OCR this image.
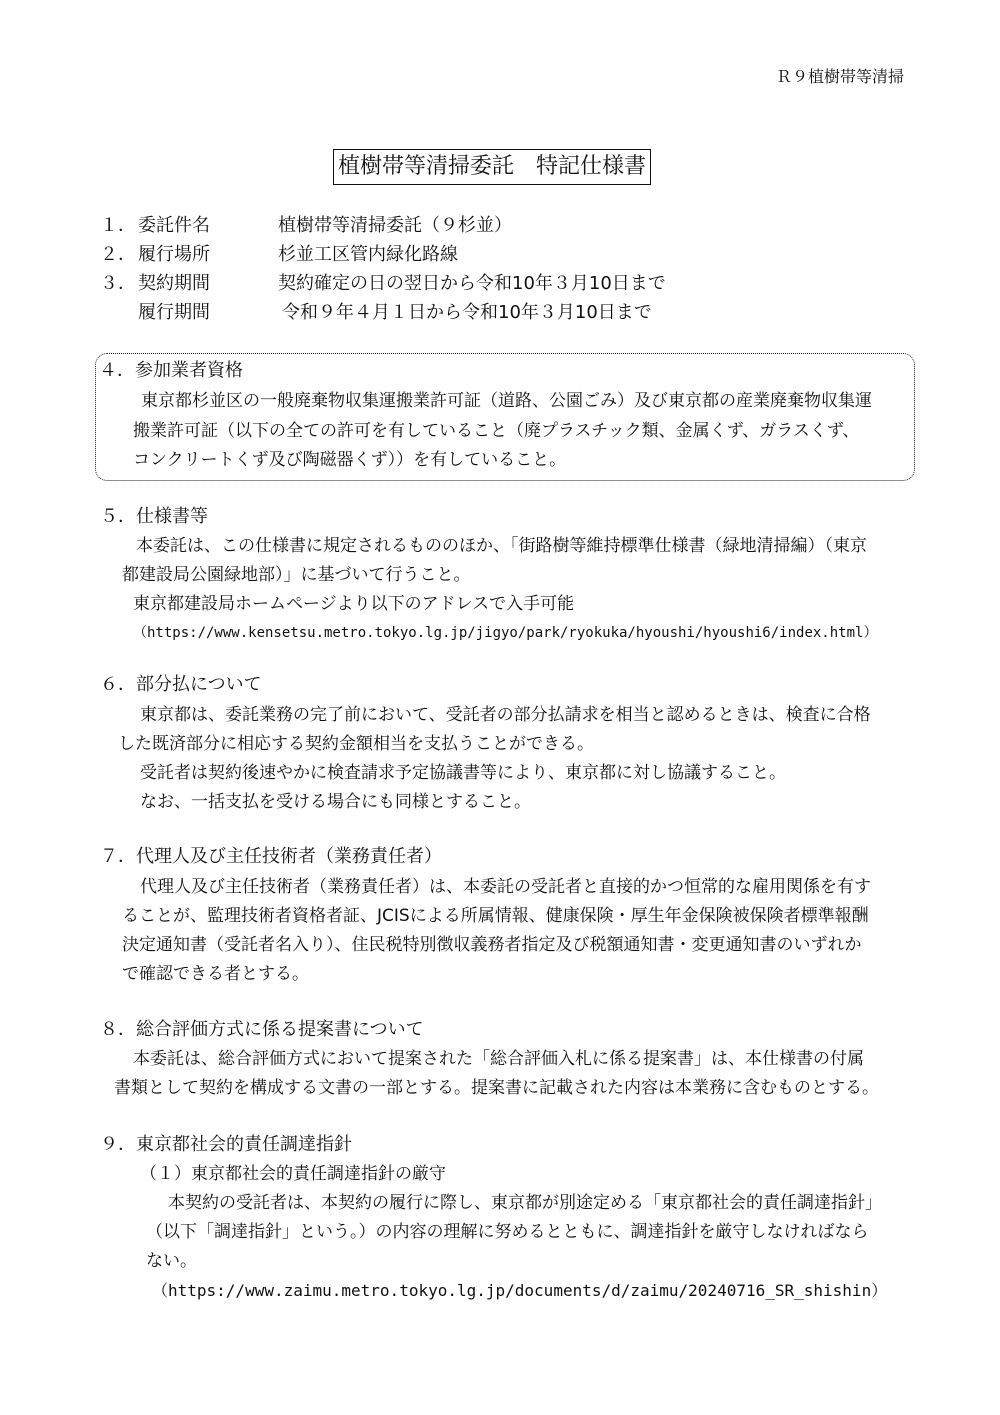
Ｒ９植樹帯等清掃
植樹帯等清掃委託　特記仕様書
１． 委託件名	植樹帯等清掃委託（９杉並）
２． 履行場所	杉並工区管内緑化路線
３． 契約期間	契約確定の日の翌日から令和10年３月10日まで
履行期間	令和９年４月１日から令和10年３月10日まで
４．参加業者資格
東京都杉並区の一般廃棄物収集運搬業許可証（道路、公園ごみ）及び東京都の産業廃棄物収集運
搬業許可証（以下の全ての許可を有していること（廃プラスチック類、金属くず、ガラスくず、
コンクリートくず及び陶磁器くず））を有していること。
５．仕様書等
本委託は、この仕様書に規定されるもののほか、「街路樹等維持標準仕様書（緑地清掃編）（東京
都建設局公園緑地部）」に基づいて行うこと。
東京都建設局ホームページより以下のアドレスで入手可能
（https://www.kensetsu.metro.tokyo.lg.jp/jigyo/park/ryokuka/hyoushi/hyoushi6/index.html）
６．部分払について
東京都は、委託業務の完了前において、受託者の部分払請求を相当と認めるときは、検査に合格
した既済部分に相応する契約金額相当を支払うことができる。
受託者は契約後速やかに検査請求予定協議書等により、東京都に対し協議すること。
なお、一括支払を受ける場合にも同様とすること。
７．代理人及び主任技術者（業務責任者）
代理人及び主任技術者（業務責任者）は、本委託の受託者と直接的かつ恒常的な雇用関係を有す
ることが、監理技術者資格者証、JCISによる所属情報、健康保険・厚生年金保険被保険者標準報酬
決定通知書（受託者名入り）、住民税特別徴収義務者指定及び税額通知書・変更通知書のいずれか
で確認できる者とする。
８．総合評価方式に係る提案書について
本委託は、総合評価方式において提案された「総合評価入札に係る提案書」は、本仕様書の付属
書類として契約を構成する文書の一部とする。提案書に記載された内容は本業務に含むものとする。
９．東京都社会的責任調達指針
（１）東京都社会的責任調達指針の厳守
本契約の受託者は、本契約の履行に際し、東京都が別途定める「東京都社会的責任調達指針」
（以下「調達指針」という。）の内容の理解に努めるとともに、調達指針を厳守しなければなら
ない。
（https://www.zaimu.metro.tokyo.lg.jp/documents/d/zaimu/20240716_SR_shishin）
